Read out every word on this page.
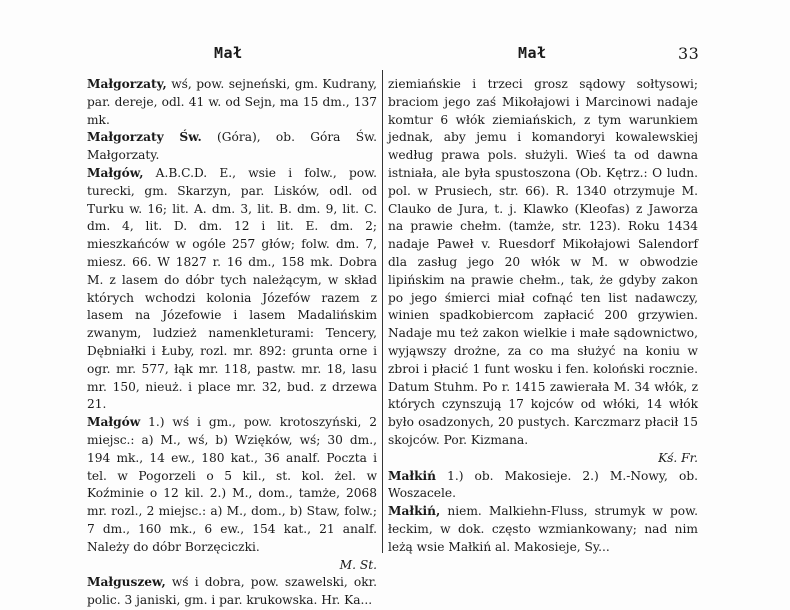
Mał	Mał	33

Małgorzaty, wś, pow. sejneński, gm. Kudrany, par. dereje, odl. 41 w. od Sejn, ma 15 dm., 137 mk.

Małgorzaty Św. (Góra), ob. Góra Św. Małgorzaty.

Małgów, A.B.C.D. E., wsie i folw., pow. turecki, gm. Skarzyn, par. Lisków, odl. od Turku w. 16; lit. A. dm. 3, lit. B. dm. 9, lit. C. dm. 4, lit. D. dm. 12 i lit. E. dm. 2; mieszkańców w ogóle 257 głów; folw. dm. 7, miesz. 66. W 1827 r. 16 dm., 158 mk. Dobra M. z lasem do dóbr tych należącym, w skład których wchodzi kolonia Józefów razem z lasem na Józefowie i lasem Madalińskim zwanym, ludzież namenkleturami: Tencery, Dębniałki i Łuby, rozl. mr. 892: grunta orne i ogr. mr. 577, łąk mr. 118, pastw. mr. 18, lasu mr. 150, nieuż. i place mr. 32, bud. z drzewa 21.

Małgów 1.) wś i gm., pow. krotoszyński, 2 miejsc.: a) M., wś, b) Wzięków, wś; 30 dm., 194 mk., 14 ew., 180 kat., 36 analf. Poczta i tel. w Pogorzeli o 5 kil., st. kol. żel. w Koźminie o 12 kil. 2.) M., dom., tamże, 2068 mr. rozl., 2 miejsc.: a) M., dom., b) Staw, folw.; 7 dm., 160 mk., 6 ew., 154 kat., 21 analf. Należy do dóbr Borzęciczki.
M. St.

Małguszew, wś i dobra, pow. szawelski, okr. polic. 3 janiski, gm. i par. krukowska. Hr. Ka...

ziemiańskie i trzeci grosz sądowy sołtysowi; braciom jego zaś Mikołajowi i Marcinowi nadaje komtur 6 włók ziemiańskich, z tym warunkiem jednak, aby jemu i komandoryi kowalewskiej według prawa pols. służyli. Wieś ta od dawna istniała, ale była spustoszona (Ob. Kętrz.: O ludn. pol. w Prusiech, str. 66). R. 1340 otrzymuje M. Clauko de Jura, t. j. Klawko (Kleofas) z Jaworza na prawie chełm. (tamże, str. 123). Roku 1434 nadaje Paweł v. Ruesdorf Mikołajowi Salendorf dla zasług jego 20 włók w M. w obwodzie lipińskim na prawie chełm., tak, że gdyby zakon po jego śmierci miał cofnąć ten list nadawczy, winien spadkobiercom zapłacić 200 grzywien. Nadaje mu też zakon wielkie i małe sądownictwo, wyjąwszy drożne, za co ma służyć na koniu w zbroi i płacić 1 funt wosku i fen. koloński rocznie. Datum Stuhm. Po r. 1415 zawierała M. 34 włók, z których czynszują 17 kojców od włóki, 14 włók było osadzonych, 20 pustych. Karczmarz płacił 15 skojców. Por. Kizmana.
Kś. Fr.

Małkiń 1.) ob. Makosieje. 2.) M.-Nowy, ob. Woszacele.

Małkiń, niem. Malkiehn-Fluss, strumyk w pow. łeckim, w dok. często wzmiankowany; nad nim leżą wsie Małkiń al. Makosieje, Sy...
